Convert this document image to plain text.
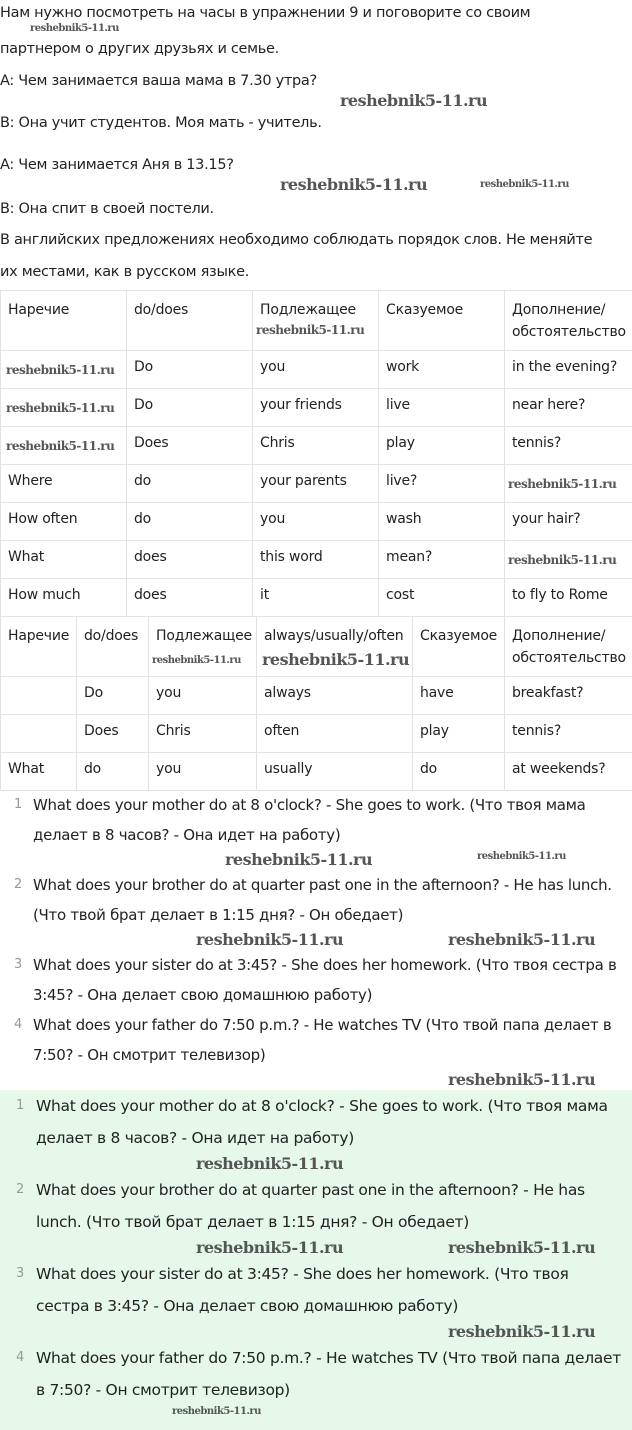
Нам нужно посмотреть на часы в упражнении 9 и поговорите со своим

партнером о других друзьях и семье.

A: Чем занимается ваша мама в 7.30 утра?

B: Она учит студентов. Моя мать - учитель.

A: Чем занимается Аня в 13.15?

B: Она спит в своей постели.

В английских предложениях необходимо соблюдать порядок слов. Не меняйте

их местами, как в русском языке.

Наречие	do/does	Подлежащее	Сказуемое	Дополнение/ обстоятельство
	Do	you	work	in the evening?
	Do	your friends	live	near here?
	Does	Chris	play	tennis?
Where	do	your parents	live?	
How often	do	you	wash	your hair?
What	does	this word	mean?	
How much	does	it	cost	to fly to Rome
Наречие	do/does	Подлежащее	always/usually/often	Сказуемое	Дополнение/ обстоятельство
	Do	you	always	have	breakfast?
	Does	Chris	often	play	tennis?
What	do	you	usually	do	at weekends?
1 What does your mother do at 8 o'clock? - She goes to work. (Что твоя мама делает в 8 часов? - Она идет на работу)
reshebnik5-11.ru	reshebnik5-11.ru
2 What does your brother do at quarter past one in the afternoon? - He has lunch. (Что твой брат делает в 1:15 дня? - Он обедает)
reshebnik5-11.ru	reshebnik5-11.ru
3 What does your sister do at 3:45? - She does her homework. (Что твоя сестра в 3:45? - Она делает свою домашнюю работу)
4 What does your father do 7:50 p.m.? - He watches TV (Что твой папа делает в 7:50? - Он смотрит телевизор)
reshebnik5-11.ru
1 What does your mother do at 8 o'clock? - She goes to work. (Что твоя мама делает в 8 часов? - Она идет на работу)
reshebnik5-11.ru
2 What does your brother do at quarter past one in the afternoon? - He has lunch. (Что твой брат делает в 1:15 дня? - Он обедает)
reshebnik5-11.ru	reshebnik5-11.ru
3 What does your sister do at 3:45? - She does her homework. (Что твоя сестра в 3:45? - Она делает свою домашнюю работу)
reshebnik5-11.ru
4 What does your father do 7:50 p.m.? - He watches TV (Что твой папа делает в 7:50? - Он смотрит телевизор)
reshebnik5-11.ru
reshebnik5-11.ru
reshebnik5-11.ru
reshebnik5-11.ru	reshebnik5-11.ru
reshebnik5-11.ru
reshebnik5-11.ru
reshebnik5-11.ru
reshebnik5-11.ru
reshebnik5-11.ru
reshebnik5-11.ru
reshebnik5-11.ru
reshebnik5-11.ru
